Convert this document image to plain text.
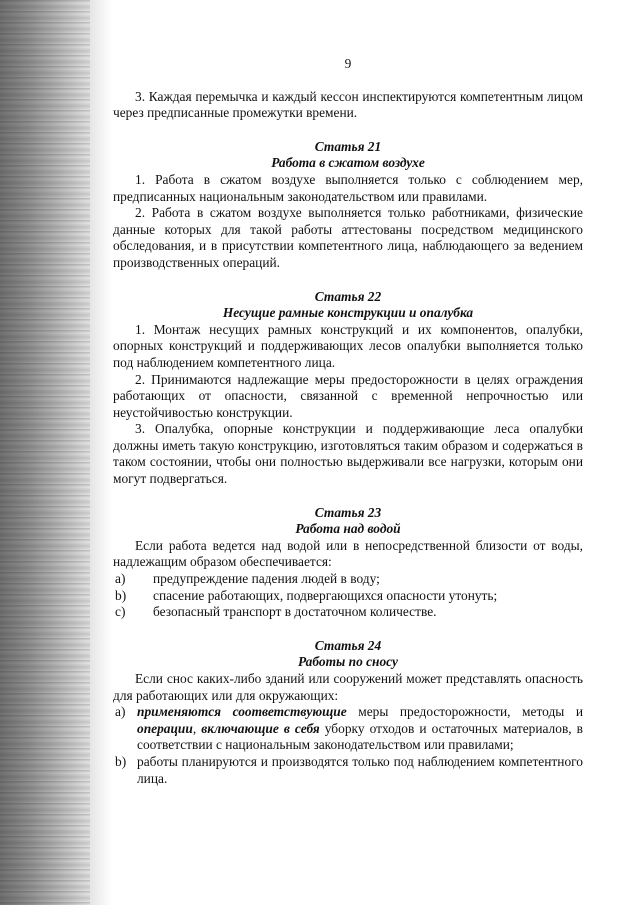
9

3. Каждая перемычка и каждый кессон инспектируются компетентным лицом через предписанные промежутки времени.

Статья 21
Работа в сжатом воздухе

1. Работа в сжатом воздухе выполняется только с соблюдением мер, предписанных национальным законодательством или правилами.

2. Работа в сжатом воздухе выполняется только работниками, физические данные которых для такой работы аттестованы посредством медицинского обследования, и в присутствии компетентного лица, наблюдающего за ведением производственных операций.

Статья 22
Несущие рамные конструкции и опалубка

1. Монтаж несущих рамных конструкций и их компонентов, опалубки, опорных конструкций и поддерживающих лесов опалубки выполняется только под наблюдением компетентного лица.

2. Принимаются надлежащие меры предосторожности в целях ограждения работающих от опасности, связанной с временной непрочностью или неустойчивостью конструкции.

3. Опалубка, опорные конструкции и поддерживающие леса опалубки должны иметь такую конструкцию, изготовляться таким образом и содержаться в таком состоянии, чтобы они полностью выдерживали все нагрузки, которым они могут подвергаться.

Статья 23
Работа над водой

Если работа ведется над водой или в непосредственной близости от воды, надлежащим образом обеспечивается:

a)	предупреждение падения людей в воду;
b)	спасение работающих, подвергающихся опасности утонуть;
c)	безопасный транспорт в достаточном количестве.
Статья 24
Работы по сносу

Если снос каких-либо зданий или сооружений может представлять опасность для работающих или для окружающих:

a) применяются соответствующие меры предосторожности, методы и операции, включающие в себя уборку отходов и остаточных материалов, в соответствии с национальным законодательством или правилами;
b) работы планируются и производятся только под наблюдением компетентного лица.
